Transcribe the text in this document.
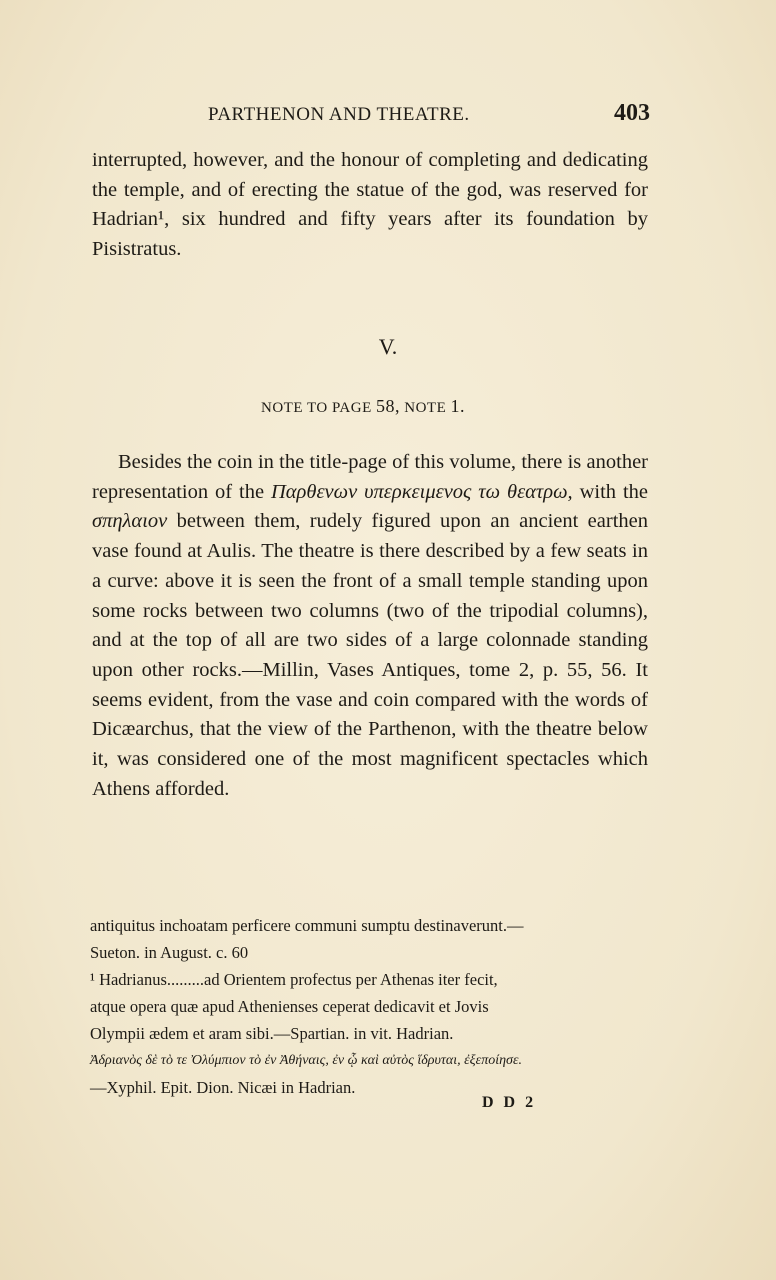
PARTHENON AND THEATRE.	403
interrupted, however, and the honour of completing and dedicating the temple, and of erecting the statue of the god, was reserved for Hadrian¹, six hundred and fifty years after its foundation by Pisistratus.
V.
NOTE TO PAGE 58, NOTE 1.

Besides the coin in the title-page of this volume, there is another representation of the Παρθενων υπερκειμενος τω θεατρω, with the σπηλαιον between them, rudely figured upon an ancient earthen vase found at Aulis. The theatre is there described by a few seats in a curve: above it is seen the front of a small temple standing upon some rocks between two columns (two of the tripodial columns), and at the top of all are two sides of a large colonnade standing upon other rocks.—Millin, Vases Antiques, tome 2, p. 55, 56. It seems evident, from the vase and coin compared with the words of Dicæarchus, that the view of the Parthenon, with the theatre below it, was considered one of the most magnificent spectacles which Athens afforded.

antiquitus inchoatam perficere communi sumptu destinaverunt.—
Sueton. in August. c. 60
¹ Hadrianus.........ad Orientem profectus per Athenas iter fecit,
atque opera quæ apud Athenienses ceperat dedicavit et Jovis
Olympii ædem et aram sibi.—Spartian. in vit. Hadrian.
Ἀδριανὸς δὲ τὸ τε Ὀλύμπιον τὸ ἐν Ἀθήναις, ἐν ᾧ καὶ αὐτὸς ἵδρυται, ἐξεποίησε.
—Xyphil. Epit. Dion. Nicæi in Hadrian.
D D 2
